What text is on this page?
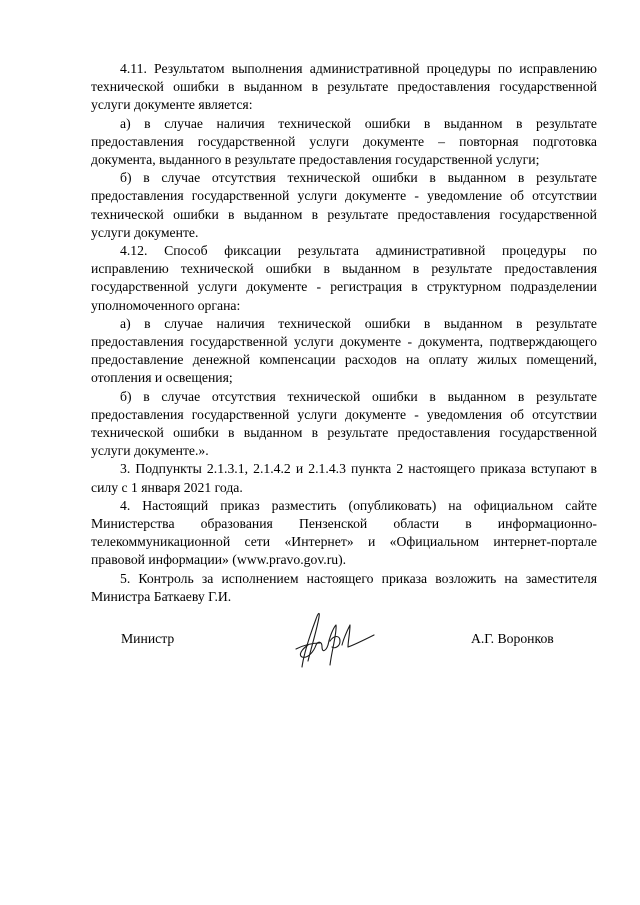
4.11. Результатом выполнения административной процедуры по исправлению технической ошибки в выданном в результате предоставления государственной услуги документе является:

а) в случае наличия технической ошибки в выданном в результате предоставления государственной услуги документе – повторная подготовка документа, выданного в результате предоставления государственной услуги;

б) в случае отсутствия технической ошибки в выданном в результате предоставления государственной услуги документе - уведомление об отсутствии технической ошибки в выданном в результате предоставления государственной услуги документе.

4.12. Способ фиксации результата административной процедуры по исправлению технической ошибки в выданном в результате предоставления государственной услуги документе - регистрация в структурном подразделении уполномоченного органа:

а) в случае наличия технической ошибки в выданном в результате предоставления государственной услуги документе - документа, подтверждающего предоставление денежной компенсации расходов на оплату жилых помещений, отопления и освещения;

б) в случае отсутствия технической ошибки в выданном в результате предоставления государственной услуги документе - уведомления об отсутствии технической ошибки в выданном в результате предоставления государственной услуги документе.».

3. Подпункты 2.1.3.1, 2.1.4.2 и 2.1.4.3 пункта 2 настоящего приказа вступают в силу с 1 января 2021 года.

4. Настоящий приказ разместить (опубликовать) на официальном сайте Министерства образования Пензенской области в информационно-телекоммуникационной сети «Интернет» и «Официальном интернет-портале правовой информации» (www.pravo.gov.ru).

5. Контроль за исполнением настоящего приказа возложить на заместителя Министра Баткаеву Г.И.

Министр	А.Г. Воронков
